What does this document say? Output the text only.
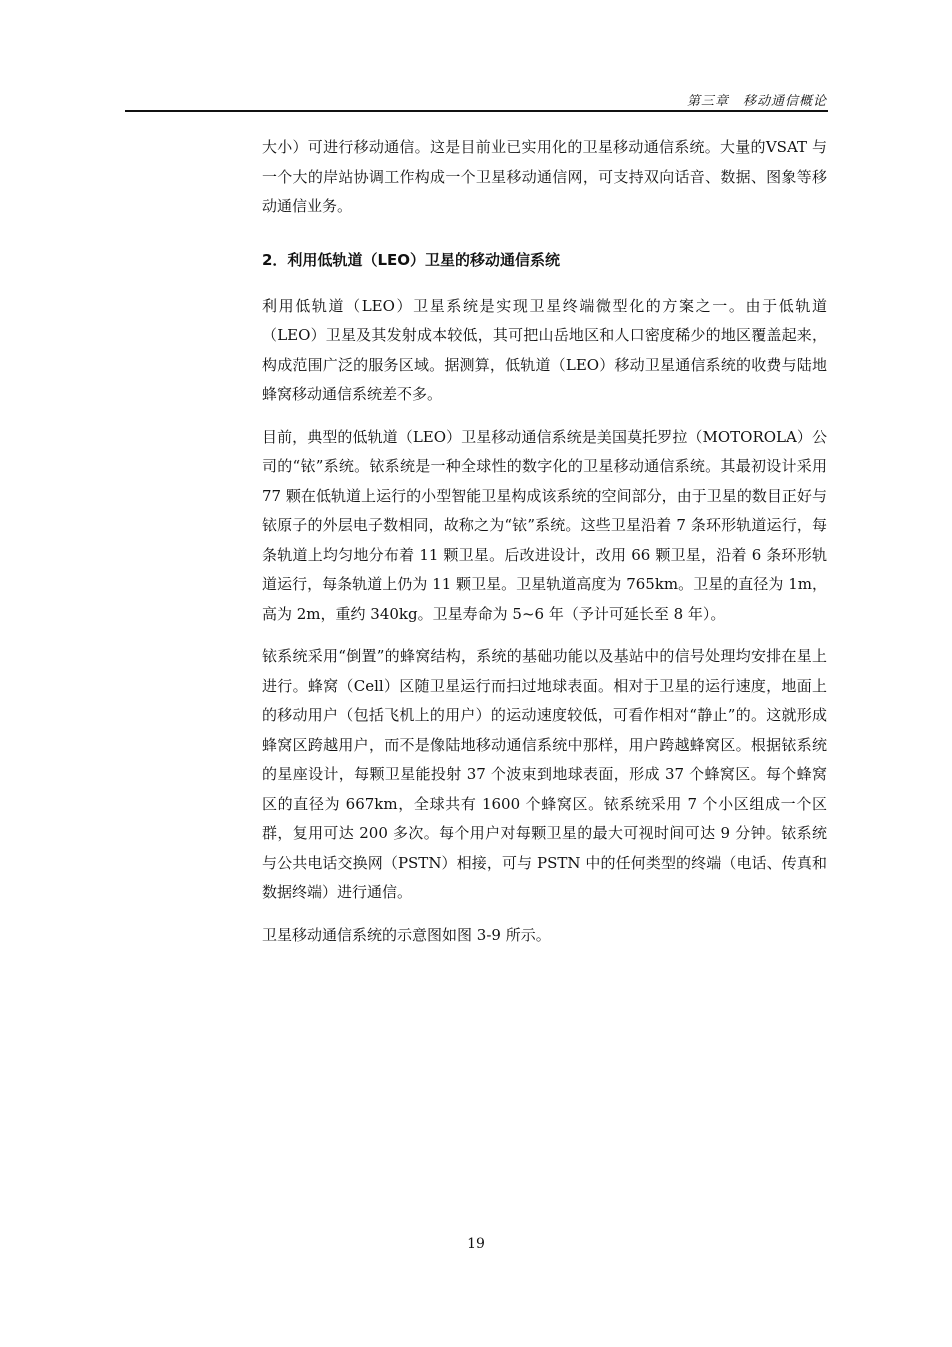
第三章　移动通信概论

大小）可进行移动通信。这是目前业已实用化的卫星移动通信系统。大量的VSAT 与一个大的岸站协调工作构成一个卫星移动通信网，可支持双向话音、数据、图象等移动通信业务。

2．利用低轨道（LEO）卫星的移动通信系统

利用低轨道（LEO）卫星系统是实现卫星终端微型化的方案之一。由于低轨道（LEO）卫星及其发射成本较低，其可把山岳地区和人口密度稀少的地区覆盖起来，构成范围广泛的服务区域。据测算，低轨道（LEO）移动卫星通信系统的收费与陆地蜂窝移动通信系统差不多。

目前，典型的低轨道（LEO）卫星移动通信系统是美国莫托罗拉（MOTOROLA）公司的“铱”系统。铱系统是一种全球性的数字化的卫星移动通信系统。其最初设计采用 77 颗在低轨道上运行的小型智能卫星构成该系统的空间部分，由于卫星的数目正好与铱原子的外层电子数相同，故称之为“铱”系统。这些卫星沿着 7 条环形轨道运行，每条轨道上均匀地分布着 11 颗卫星。后改进设计，改用 66 颗卫星，沿着 6 条环形轨道运行，每条轨道上仍为 11 颗卫星。卫星轨道高度为 765km。卫星的直径为 1m，高为 2m，重约 340kg。卫星寿命为 5~6 年（予计可延长至 8 年）。

铱系统采用“倒置”的蜂窝结构，系统的基础功能以及基站中的信号处理均安排在星上进行。蜂窝（Cell）区随卫星运行而扫过地球表面。相对于卫星的运行速度，地面上的移动用户（包括飞机上的用户）的运动速度较低，可看作相对“静止”的。这就形成蜂窝区跨越用户，而不是像陆地移动通信系统中那样，用户跨越蜂窝区。根据铱系统的星座设计，每颗卫星能投射 37 个波束到地球表面，形成 37 个蜂窝区。每个蜂窝区的直径为 667km，全球共有 1600 个蜂窝区。铱系统采用 7 个小区组成一个区群，复用可达 200 多次。每个用户对每颗卫星的最大可视时间可达 9 分钟。铱系统与公共电话交换网（PSTN）相接，可与 PSTN 中的任何类型的终端（电话、传真和数据终端）进行通信。

卫星移动通信系统的示意图如图 3-9 所示。

19
